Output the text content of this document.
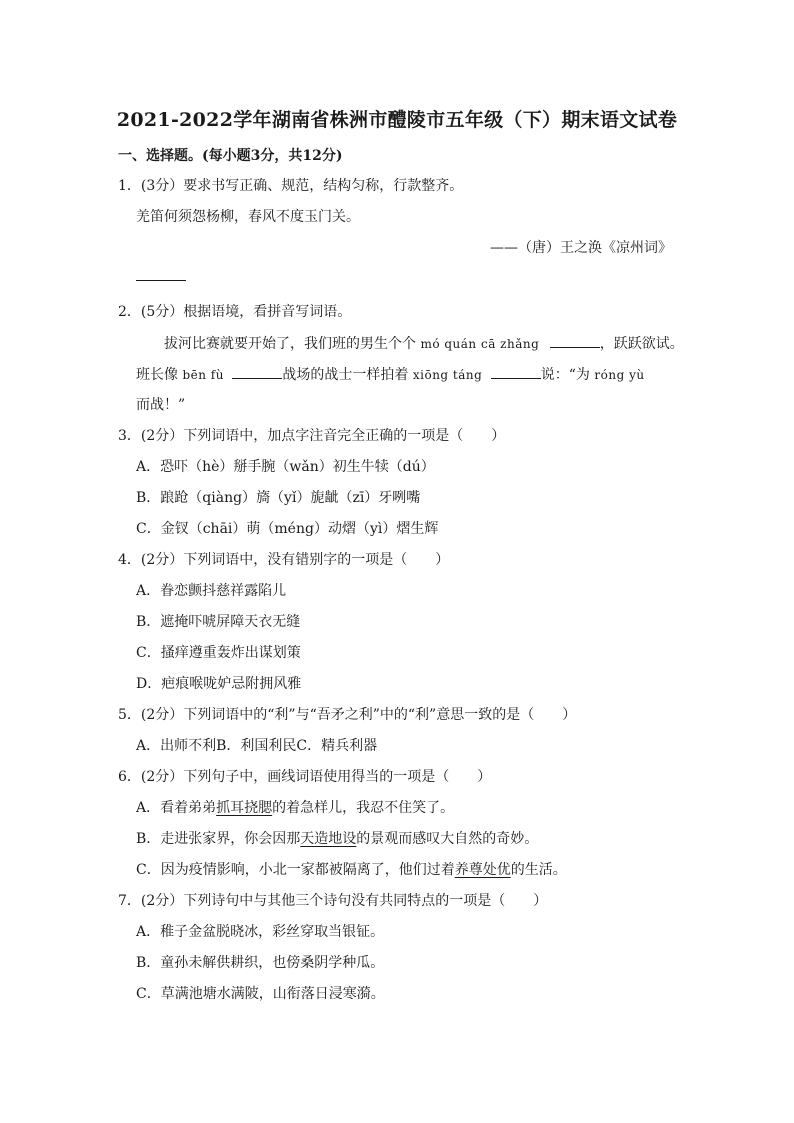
2021-2022学年湖南省株洲市醴陵市五年级（下）期末语文试卷
一、选择题。(每小题3分，共12分)
1．(3分）要求书写正确、规范，结构匀称，行款整齐。
羌笛何须怨杨柳，春风不度玉门关。
——（唐）王之涣《凉州词》
2．(5分）根据语境，看拼音写词语。
拔河比赛就要开始了，我们班的男生个个 mó quán cā zhǎng	，跃跃欲试。
班长像 bēn fù	战场的战士一样拍着 xiōng táng	说：“为 róng yù
而战！”
3．(2分）下列词语中，加点字注音完全正确的一项是（　　）
A．恐吓（hè）掰手腕（wǎn）初生牛犊（dú）
B．踉跄（qiàng）旖（yǐ）旎龇（zī）牙咧嘴
C．金钗（chāi）萌（méng）动熠（yì）熠生辉
4．(2分）下列词语中，没有错别字的一项是（　　）
A．眷恋颤抖慈祥露陷儿
B．遮掩吓唬屏障天衣无缝
C．搔痒遵重轰炸出谋划策
D．疤痕喉咙妒忌附拥风雅
5．(2分）下列词语中的“利”与“吾矛之利”中的“利”意思一致的是（　　）
A．出师不利B．利国利民C．精兵利器
6．(2分）下列句子中，画线词语使用得当的一项是（　　）
A．看着弟弟抓耳挠腮的着急样儿，我忍不住笑了。
B．走进张家界，你会因那天造地设的景观而感叹大自然的奇妙。
C．因为疫情影响，小北一家都被隔离了，他们过着养尊处优的生活。
7．(2分）下列诗句中与其他三个诗句没有共同特点的一项是（　　）
A．稚子金盆脱晓冰，彩丝穿取当银钲。
B．童孙未解供耕织，也傍桑阴学种瓜。
C．草满池塘水满陂，山衔落日浸寒漪。
